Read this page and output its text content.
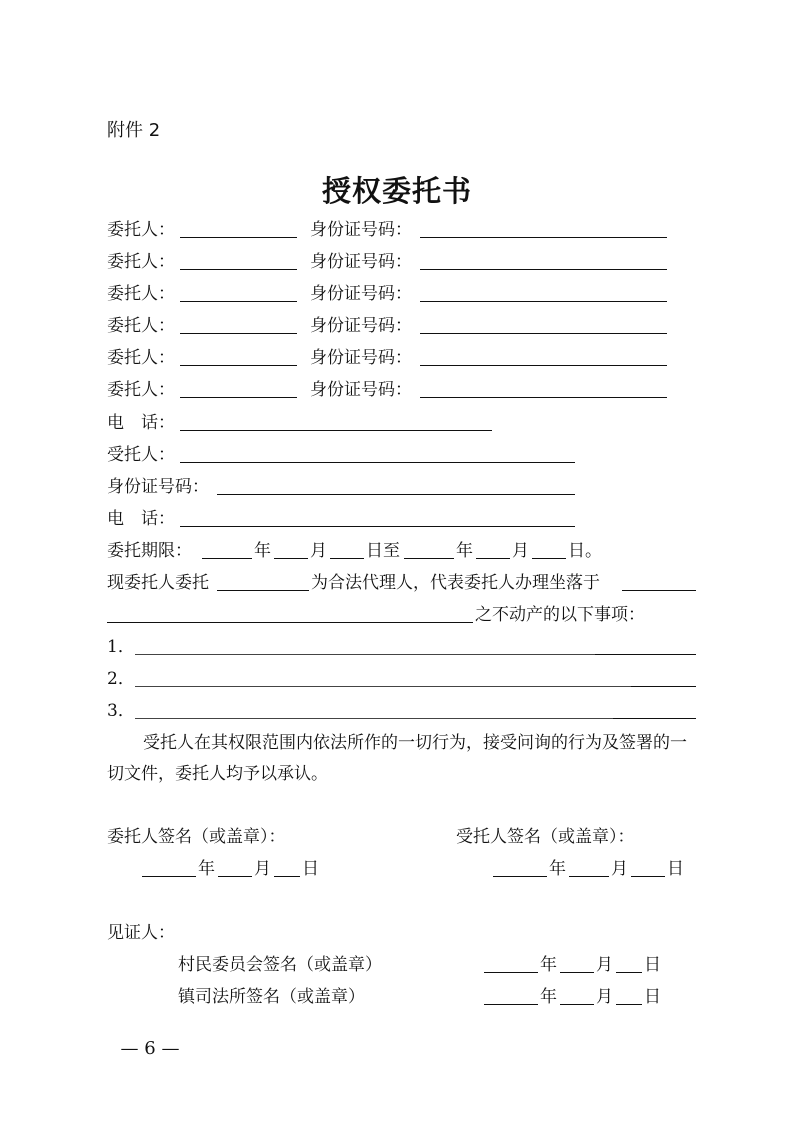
附件 2
授权委托书
委托人：	身份证号码：
委托人：	身份证号码：
委托人：	身份证号码：
委托人：	身份证号码：
委托人：	身份证号码：
委托人：	身份证号码：
电　话：
受托人：
身份证号码：
电　话：
委托期限：	年 月 日至	年 月 日。
现委托人委托	为合法代理人，代表委托人办理坐落于
之不动产的以下事项：
1．
2．
3．
受托人在其权限范围内依法所作的一切行为，接受问询的行为及签署的一切文件，委托人均予以承认。
委托人签名（或盖章）：	受托人签名（或盖章）：
年 月 日	年	月 日
见证人：
村民委员会签名（或盖章）	年 月 日
镇司法所签名（或盖章）	年 月 日
— 6 —
